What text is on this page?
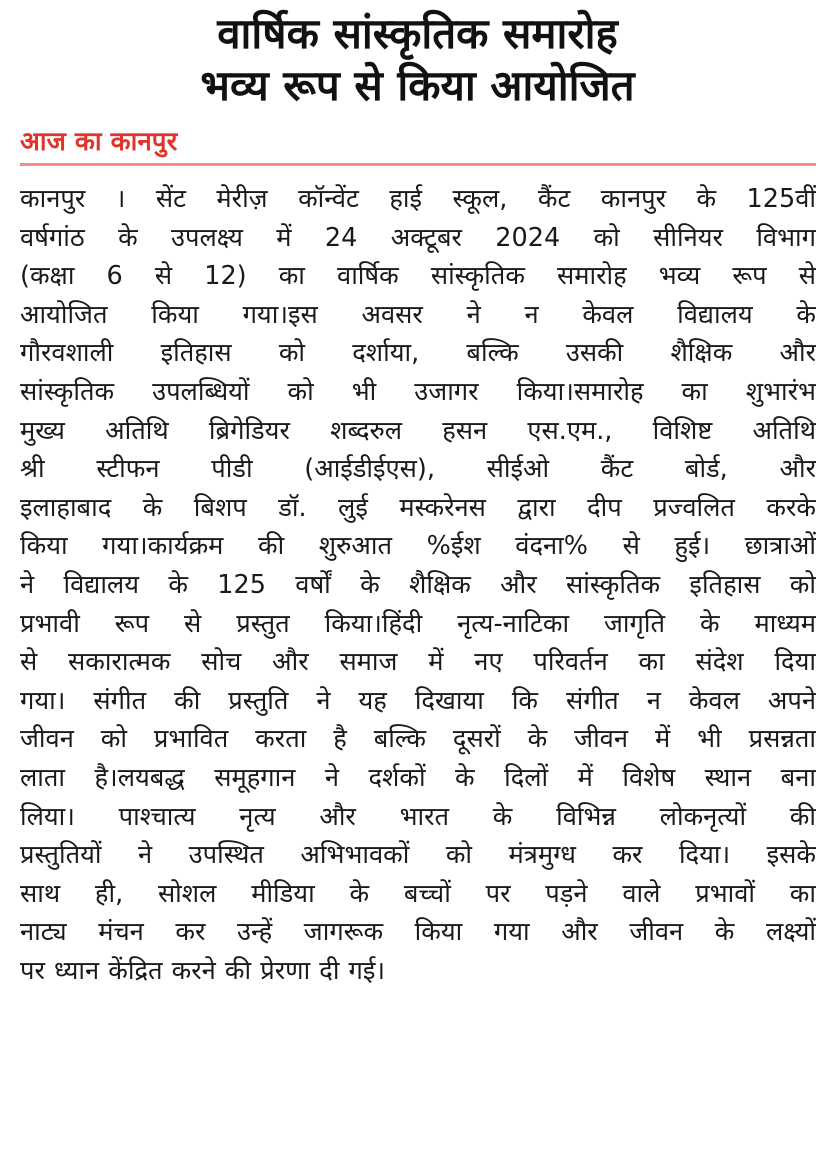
वार्षिक सांस्कृतिक समारोह
भव्य रूप से किया आयोजित
आज का कानपुर
कानपुर । सेंट मेरीज़ कॉन्वेंट हाई स्कूल, कैंट कानपुर के 125वीं
वर्षगांठ के उपलक्ष्य में 24 अक्टूबर 2024 को सीनियर विभाग
(कक्षा 6 से 12) का वार्षिक सांस्कृतिक समारोह भव्य रूप से
आयोजित किया गया।इस अवसर ने न केवल विद्यालय के
गौरवशाली इतिहास को दर्शाया, बल्कि उसकी शैक्षिक और
सांस्कृतिक उपलब्धियों को भी उजागर किया।समारोह का शुभारंभ
मुख्य अतिथि ब्रिगेडियर शब्दरुल हसन एस.एम., विशिष्ट अतिथि
श्री स्टीफन पीडी (आईडीईएस), सीईओ कैंट बोर्ड, और
इलाहाबाद के बिशप डॉ. लुई मस्करेनस द्वारा दीप प्रज्वलित करके
किया गया।कार्यक्रम की शुरुआत %ईश वंदना% से हुई। छात्राओं
ने विद्यालय के 125 वर्षों के शैक्षिक और सांस्कृतिक इतिहास को
प्रभावी रूप से प्रस्तुत किया।हिंदी नृत्य-नाटिका जागृति के माध्यम
से सकारात्मक सोच और समाज में नए परिवर्तन का संदेश दिया
गया। संगीत की प्रस्तुति ने यह दिखाया कि संगीत न केवल अपने
जीवन को प्रभावित करता है बल्कि दूसरों के जीवन में भी प्रसन्नता
लाता है।लयबद्ध समूहगान ने दर्शकों के दिलों में विशेष स्थान बना
लिया। पाश्चात्य नृत्य और भारत के विभिन्न लोकनृत्यों की
प्रस्तुतियों ने उपस्थित अभिभावकों को मंत्रमुग्ध कर दिया। इसके
साथ ही, सोशल मीडिया के बच्चों पर पड़ने वाले प्रभावों का
नाट्य मंचन कर उन्हें जागरूक किया गया और जीवन के लक्ष्यों
पर ध्यान केंद्रित करने की प्रेरणा दी गई।
